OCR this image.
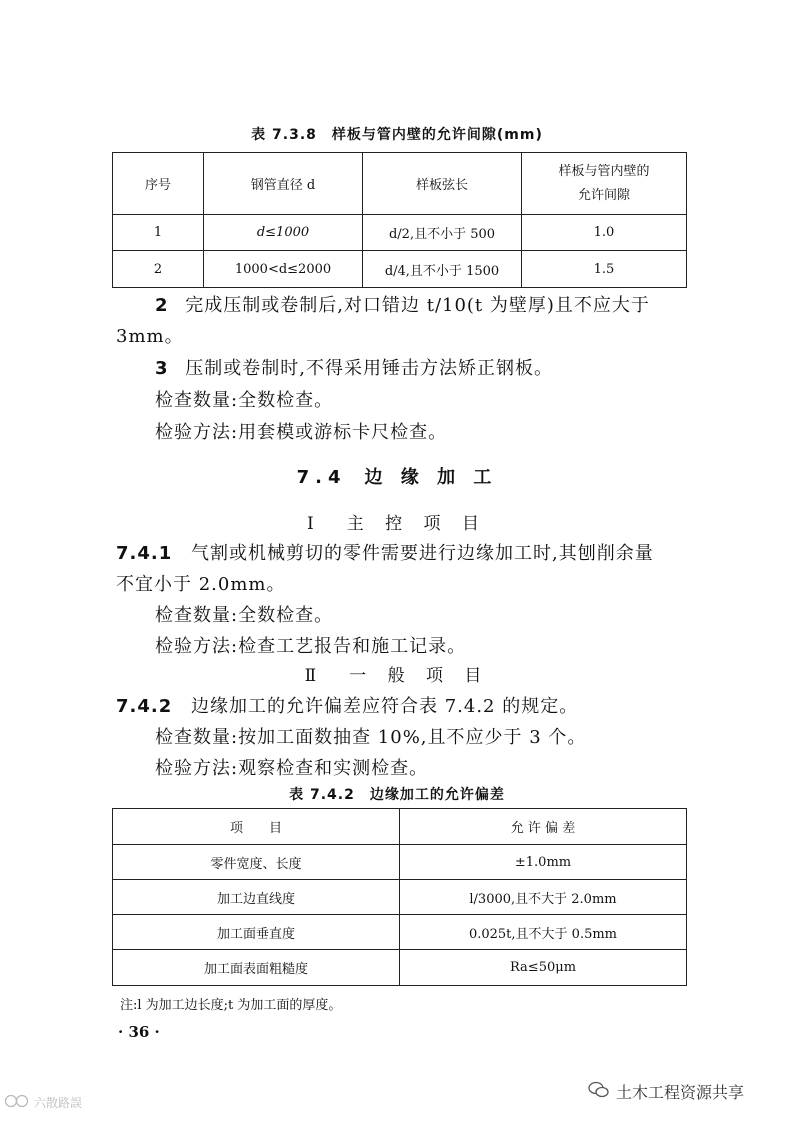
表 7.3.8　样板与管内壁的允许间隙(mm)
序号	钢管直径 d	样板弦长	样板与管内壁的
允许间隙

1	d≤1000	d/2,且不小于 500	1.0
2	1000<d≤2000	d/4,且不小于 1500	1.5
2 完成压制或卷制后,对口错边 t/10(t 为壁厚)且不应大于
3mm。
3 压制或卷制时,不得采用锤击方法矫正钢板。
检查数量:全数检查。
检验方法:用套模或游标卡尺检查。
7.4 边 缘 加 工
Ⅰ　主 控 项 目
7.4.1 气割或机械剪切的零件需要进行边缘加工时,其刨削余量
不宜小于 2.0mm。
检查数量:全数检查。
检验方法:检查工艺报告和施工记录。
Ⅱ　一 般 项 目
7.4.2 边缘加工的允许偏差应符合表 7.4.2 的规定。
检查数量:按加工面数抽查 10%,且不应少于 3 个。
检验方法:观察检查和实测检查。
表 7.4.2　边缘加工的允许偏差
项　　目	允 许 偏 差
零件宽度、长度	±1.0mm
加工边直线度	l/3000,且不大于 2.0mm
加工面垂直度	0.025t,且不大于 0.5mm
加工面表面粗糙度	Ra≤50μm
注:l 为加工边长度;t 为加工面的厚度。
· 36 ·
土木工程资源共享
六散路誤
